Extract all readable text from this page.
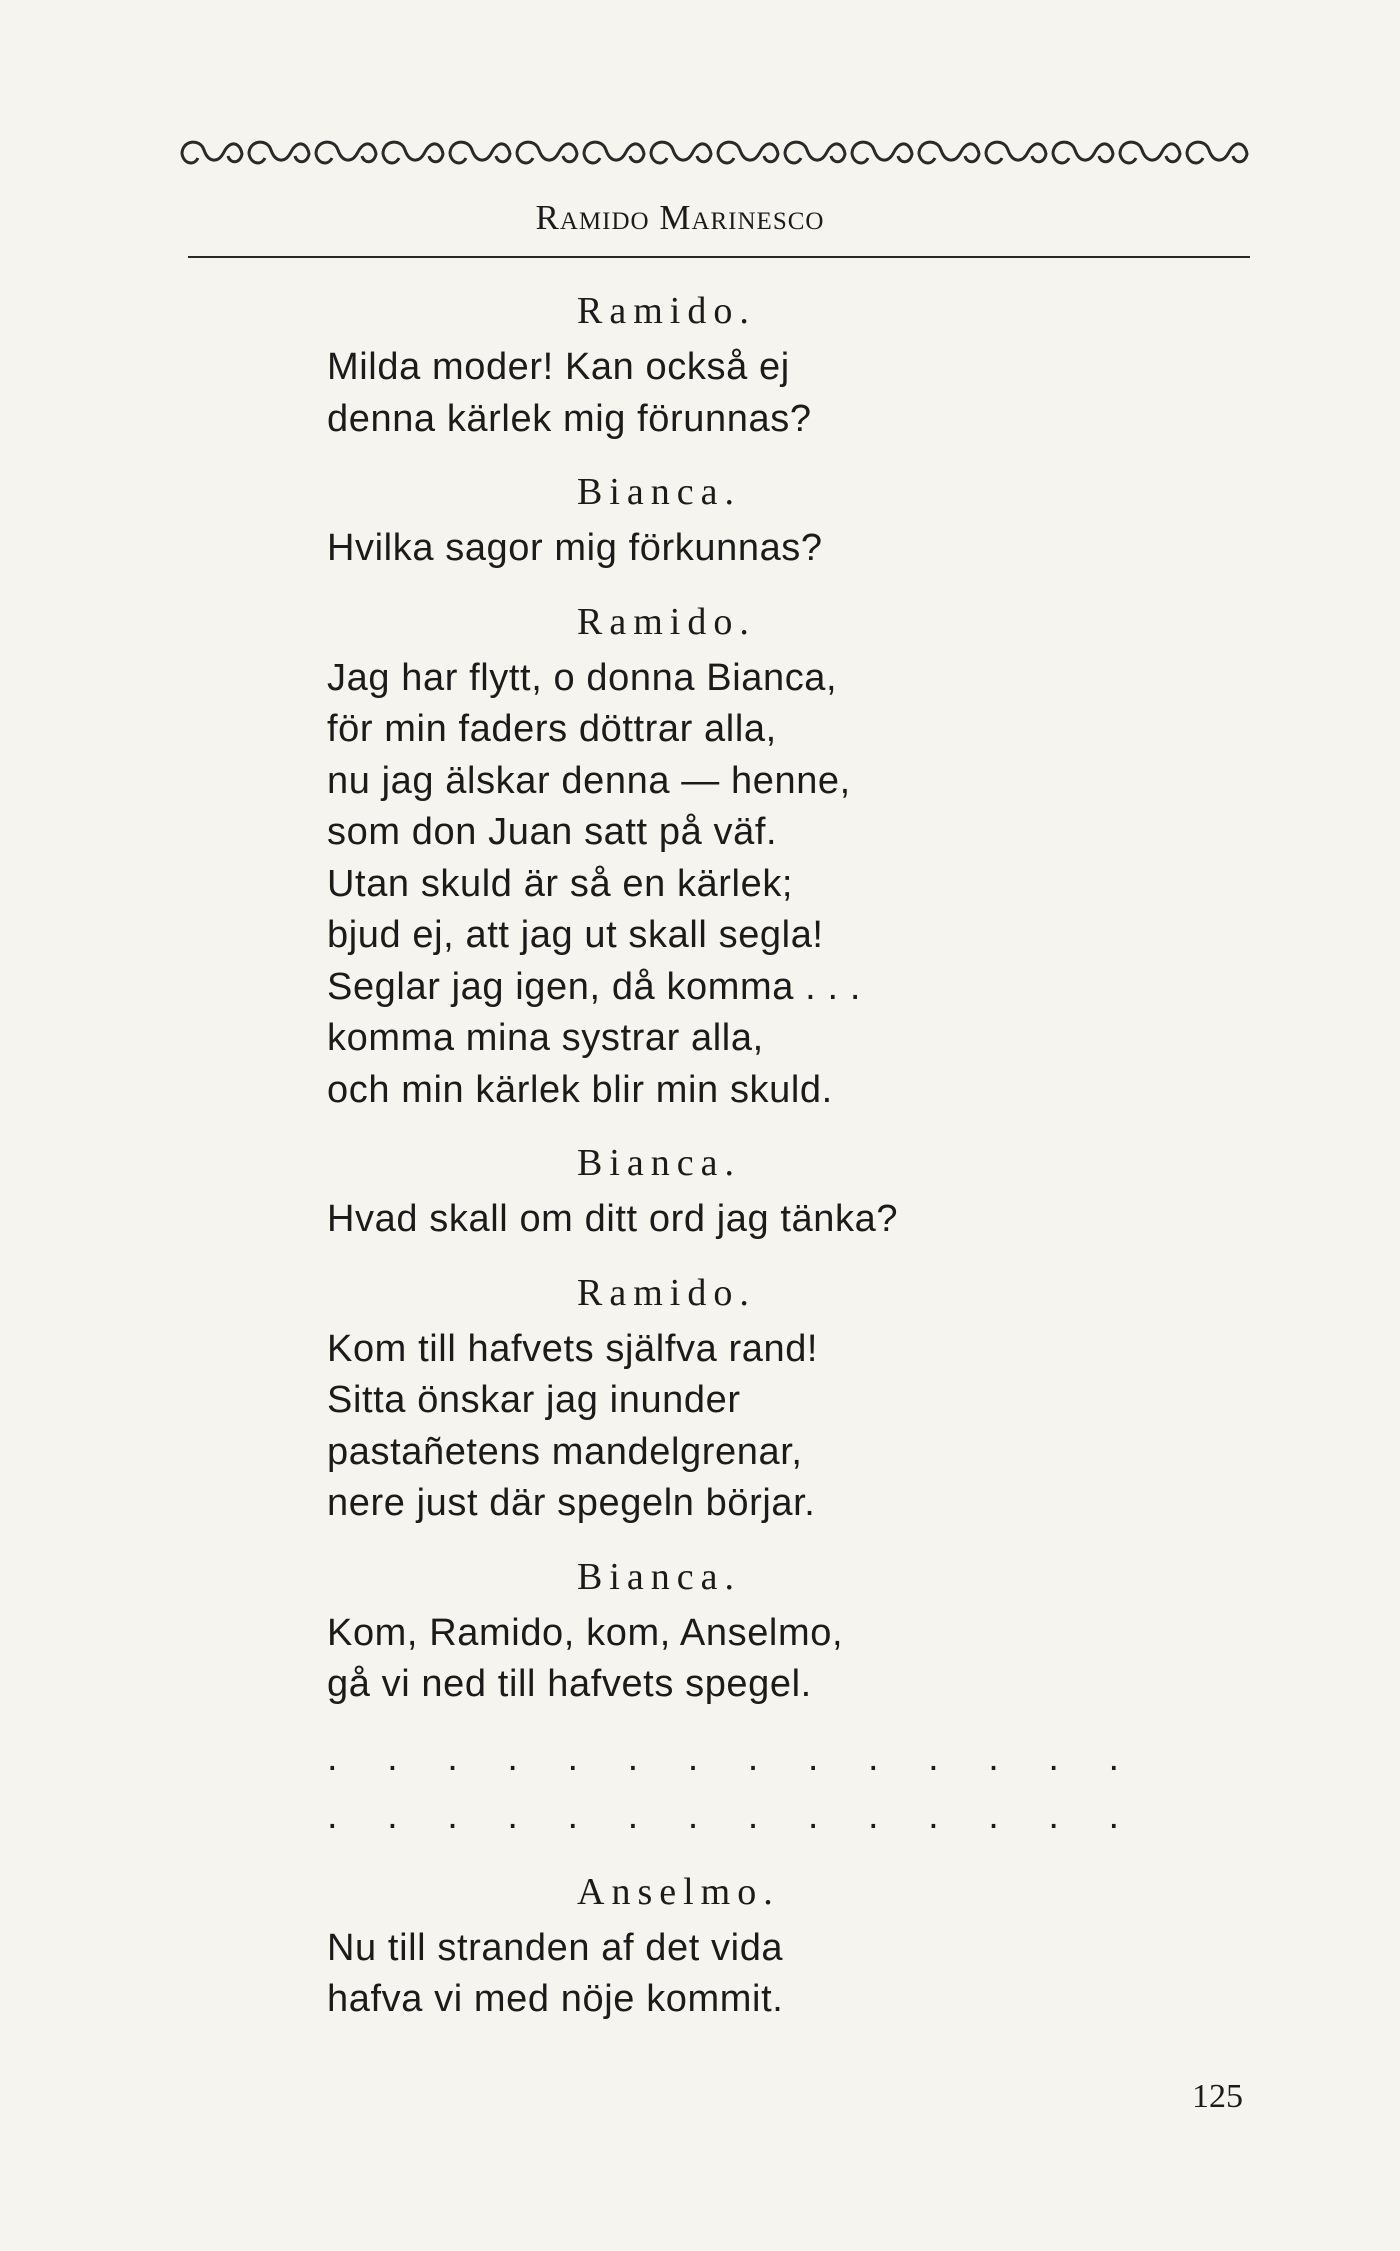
Ramido Marinesco
Ramido.
Milda moder! Kan också ej
denna kärlek mig förunnas?
Bianca.
Hvilka sagor mig förkunnas?
Ramido.
Jag har flytt, o donna Bianca,
för min faders döttrar alla,
nu jag älskar denna — henne,
som don Juan satt på väf.
Utan skuld är så en kärlek;
bjud ej, att jag ut skall segla!
Seglar jag igen, då komma . . .
komma mina systrar alla,
och min kärlek blir min skuld.
Bianca.
Hvad skall om ditt ord jag tänka?
Ramido.
Kom till hafvets själfva rand!
Sitta önskar jag inunder
pastañetens mandelgrenar,
nere just där spegeln börjar.
Bianca.
Kom, Ramido, kom, Anselmo,
gå vi ned till hafvets spegel.
. . . . . . . . . . . . . .
. . . . . . . . . . . . . .
Anselmo.
Nu till stranden af det vida
hafva vi med nöje kommit.
125
